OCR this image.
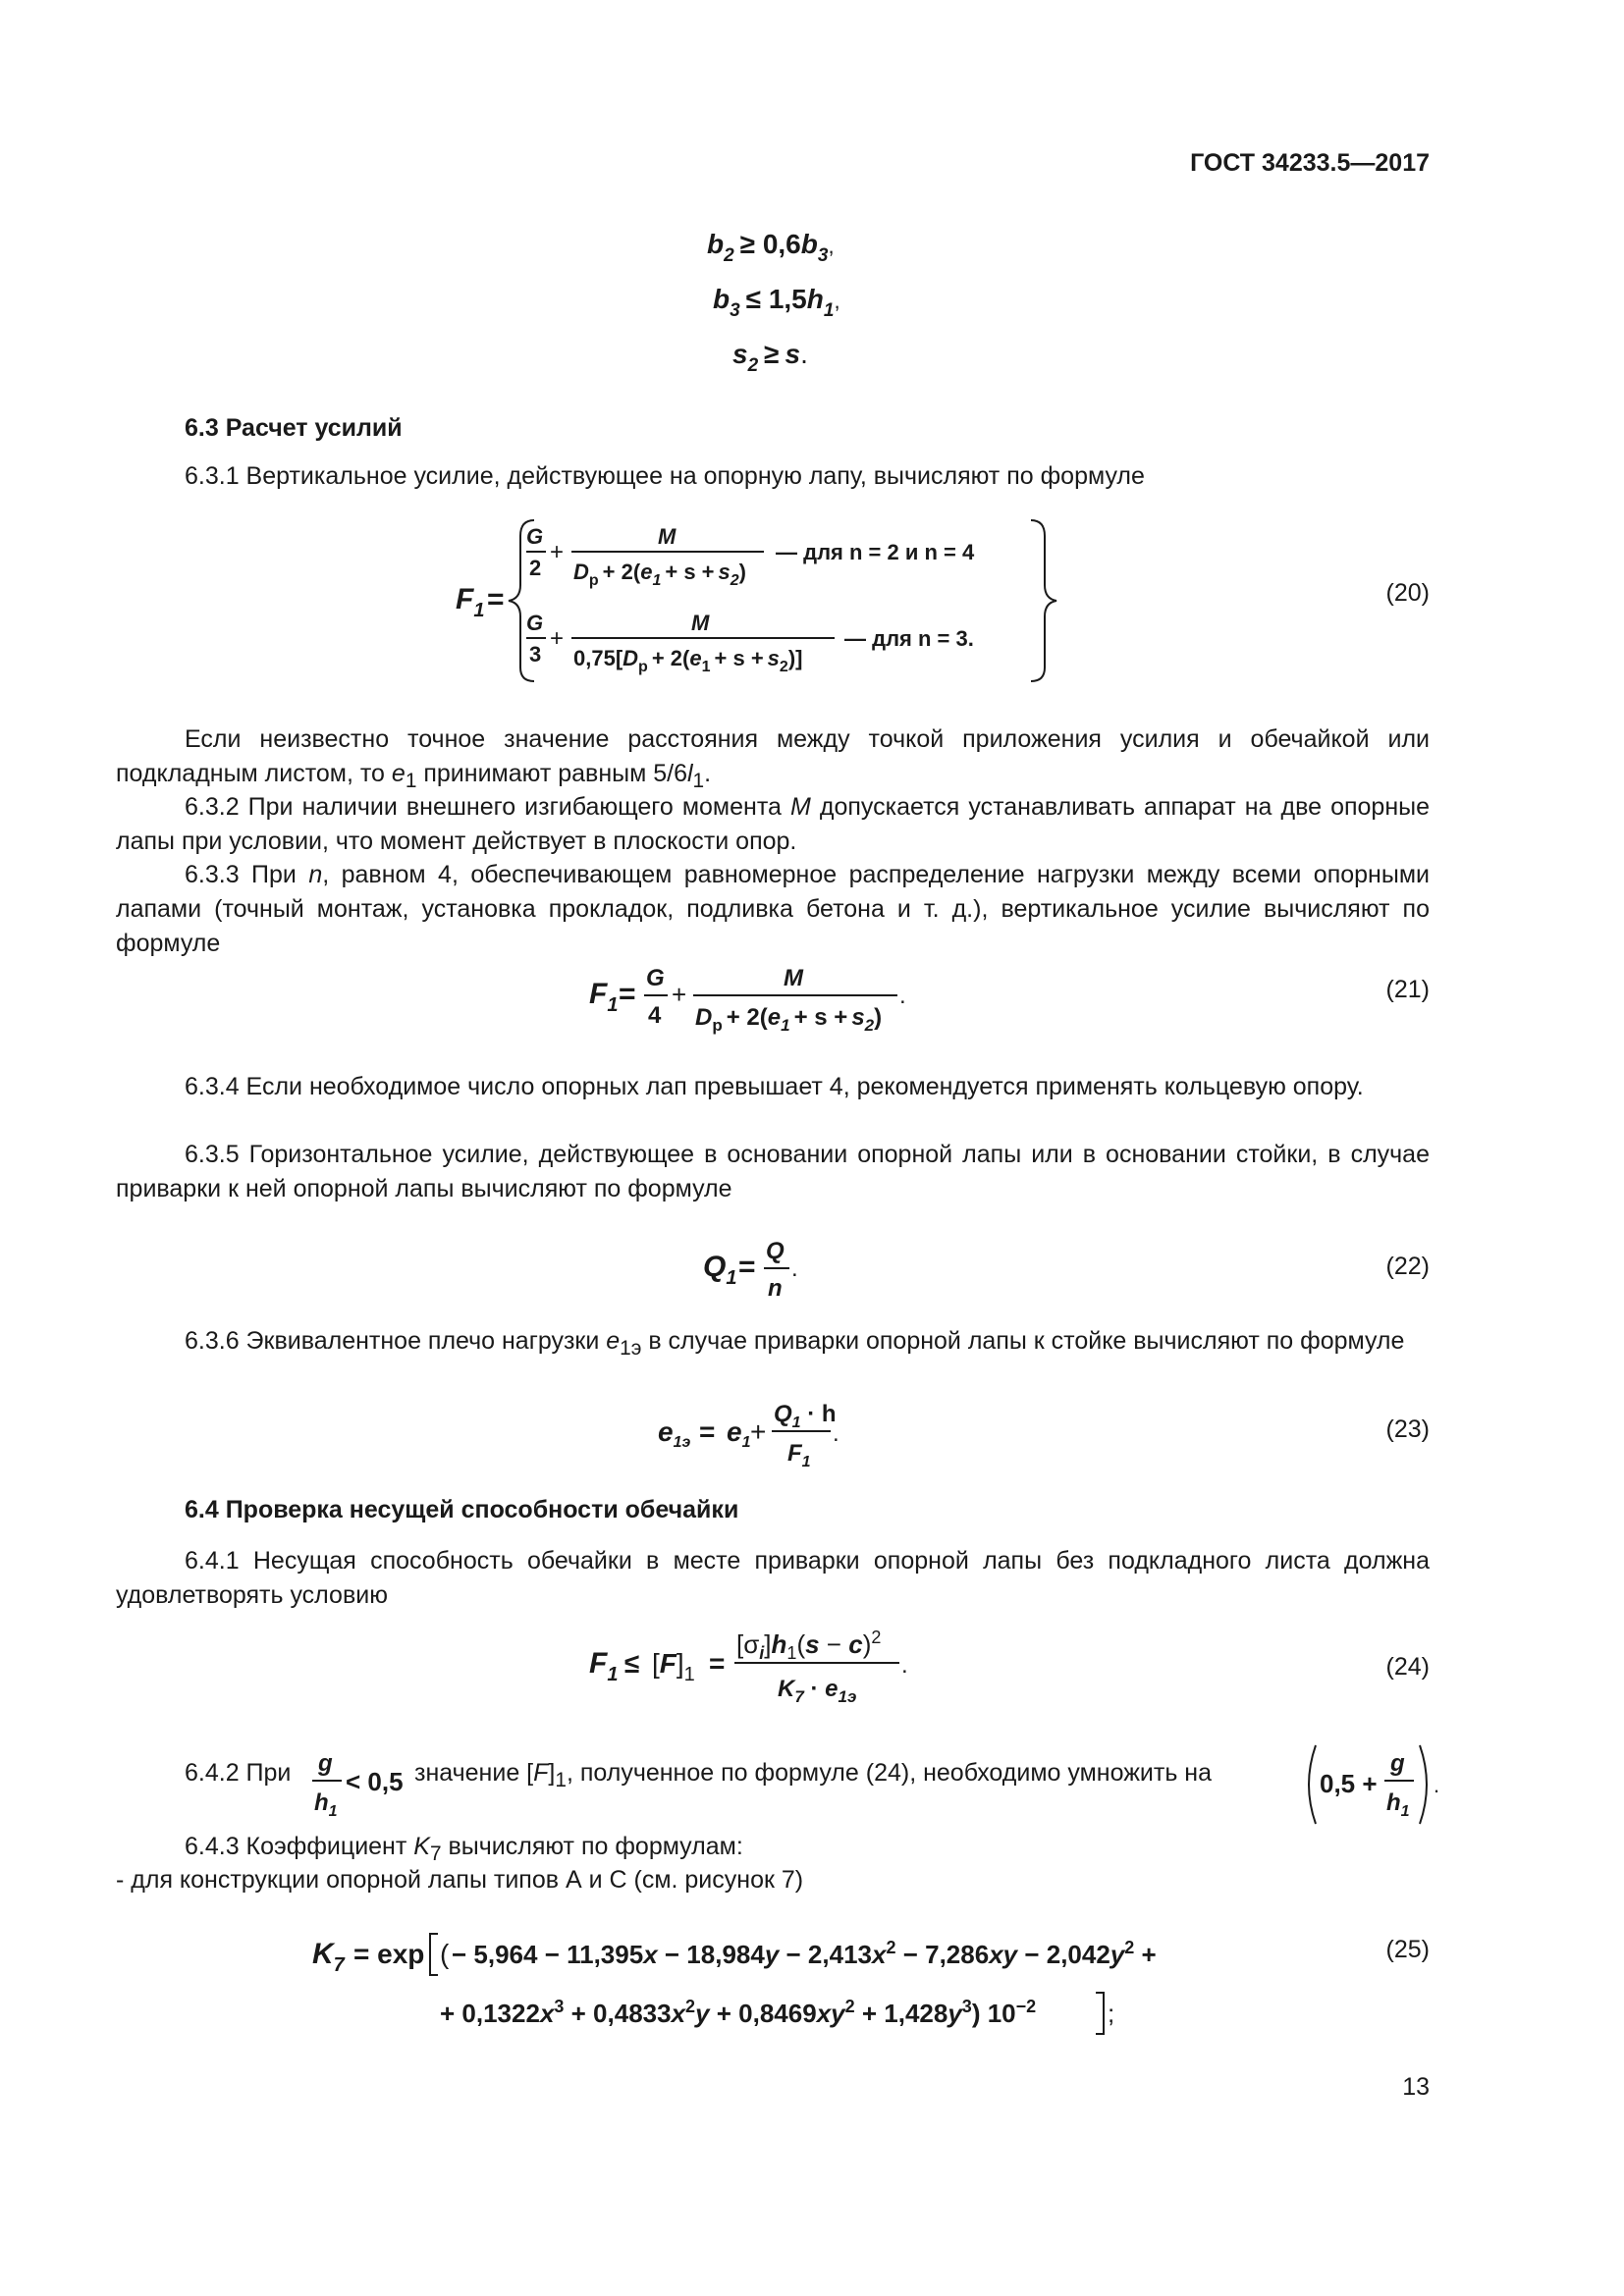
ГОСТ 34233.5—2017
$b_2 \ge 0,6b_3^,$
$b_3 \le 1,5h_1^,$
$s_2 \ge s$.
6.3 Расчет усилий
6.3.1 Вертикальное усилие, действующее на опорную лапу, вычисляют по формуле
$F_1$ =
G
2
+
M
$D_p + 2(e_1 + s + s_2)$
— для n = 2 и n = 4
G
3
+
M
$0,75[D_p + 2(e_1 + s + s_2)]$
— для n = 3.
(20)
Если неизвестно точное значение расстояния между точкой приложения усилия и обечайкой или подкладным листом, то $e_1$ принимают равным $5/6l_1$.
6.3.2 При наличии внешнего изгибающего момента M допускается устанавливать аппарат на две опорные лапы при условии, что момент действует в плоскости опор.
6.3.3 При n, равном 4, обеспечивающем равномерное распределение нагрузки между всеми опорными лапами (точный монтаж, установка прокладок, подливка бетона и т. д.), вертикальное усилие вычисляют по формуле
$F_1 = G$
4
+
M
$D_p + 2(e_1 + s + s_2)$
.	(21)
6.3.4 Если необходимое число опорных лап превышает 4, рекомендуется применять кольцевую опору.
6.3.5 Горизонтальное усилие, действующее в основании опорной лапы или в основании стойки, в случае приварки к ней опорной лапы вычисляют по формуле
$Q_1 = Q$
n
.	(22)
6.3.6 Эквивалентное плечо нагрузки $e_{1э}$ в случае приварки опорной лапы к стойке вычисляют по формуле
$e_{1э} = e_1$ +
$Q_1 \cdot h$
$F_1$
.	(23)
6.4 Проверка несущей способности обечайки
6.4.1 Несущая способность обечайки в месте приварки опорной лапы без подкладного листа должна удовлетворять условию
$F_1 \le [F]_1$ =
$[\sigma_i]h_1(s - c)^2$
$K_7 \cdot e_{1э}$
.	(24)
6.4.2 При g
$h_1$
< 0,5 значение $[F]_1$, полученное по формуле (24), необходимо умножить на	0,5 +
g
$h_1$
.
6.4.3 Коэффициент $K_7$ вычисляют по формулам:
- для конструкции опорной лапы типов А и С (см. рисунок 7)
$K_7 = \exp$ ( − $5,964 - 11,395x - 18,984y - 2,413x^2 - 7,286xy - 2,042y^2$ +
+ $0,1322x^3 + 0,4833x^2y + 0,8469xy^2 + 1,428y^3$) $10^{-2}$	;
(25)
13
